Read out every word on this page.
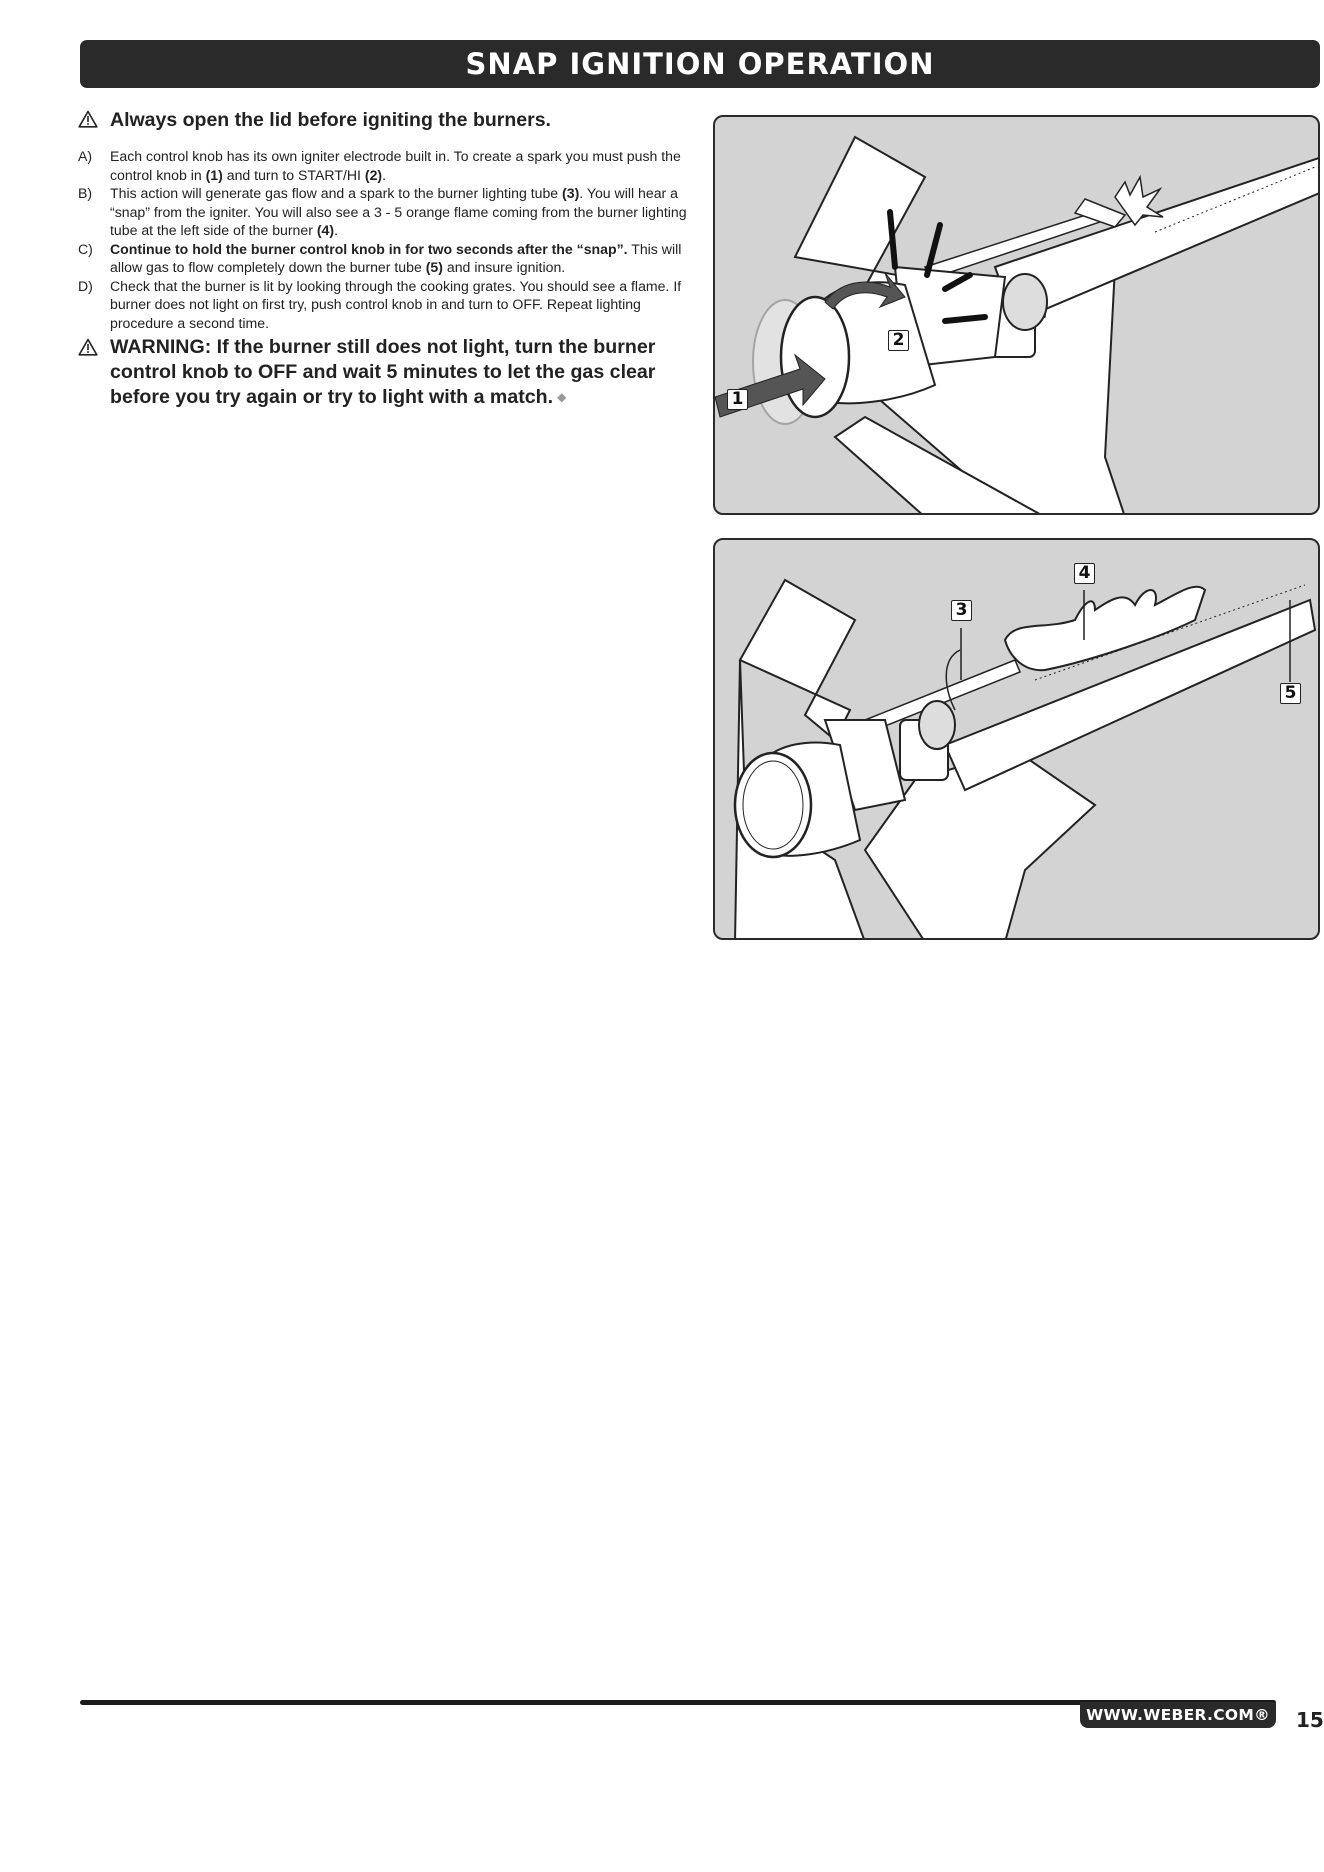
SNAP IGNITION OPERATION
Always open the lid before igniting the burners.
A)	Each control knob has its own igniter electrode built in. To create a spark you must push the control knob in (1) and turn to START/HI (2).
B)	This action will generate gas flow and a spark to the burner lighting tube (3). You will hear a “snap” from the igniter. You will also see a 3 - 5 orange flame coming from the burner lighting tube at the left side of the burner (4).
C)	Continue to hold the burner control knob in for two seconds after the “snap”. This will allow gas to flow completely down the burner tube (5) and insure ignition.
D)	Check that the burner is lit by looking through the cooking grates. You should see a flame. If burner does not light on first try, push control knob in and turn to OFF. Repeat lighting procedure a second time.
WARNING: If the burner still does not light, turn the burner control knob to OFF and wait 5 minutes to let the gas clear before you try again or try to light with a match. ◆	1
2
3
4
5
WWW.WEBER.COM® 15
